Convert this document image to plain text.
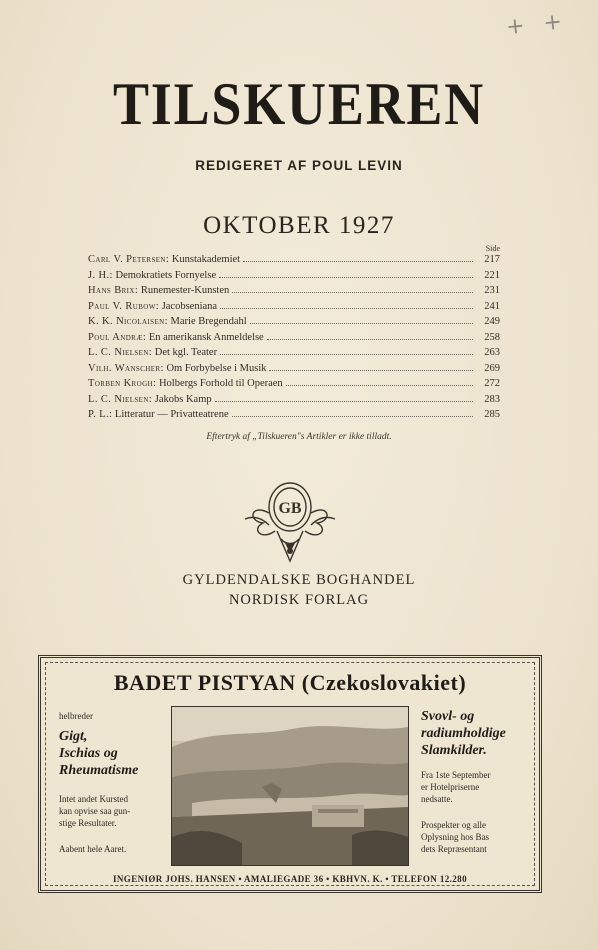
+ +
TILSKUEREN
REDIGERET AF POUL LEVIN
OKTOBER 1927
Side
Carl V. Petersen:
Kunstakademiet	217
J. H.:
Demokratiets Fornyelse	221
Hans Brix:
Runemester-Kunsten	231
Paul V. Rubow:
Jacobseniana	241
K. K. Nicolaisen:
Marie Bregendahl	249
Poul Andræ:
En amerikansk Anmeldelse	258
L. C. Nielsen:
Det kgl. Teater	263
Vilh. Wanscher:
Om Forbybelse i Musik	269
Torben Krogh:
Holbergs Forhold til Operaen	272
L. C. Nielsen:
Jakobs Kamp	283
P. L.:
Litteratur — Privatteatrene	285
Eftertryk af „Tilskueren"s Artikler er ikke tilladt.
GB
GYLDENDALSKE BOGHANDEL
NORDISK FORLAG
BADET PISTYAN (Czekoslovakiet)

helbreder

Gigt,

Ischias og

Rheumatisme

Intet andet Kursted

kan opvise saa gun-

stige Resultater.

Aabent hele Aaret.

Svovl- og

radiumholdige

Slamkilder.

Fra 1ste September

er Hotelpriserne

nedsatte.

Prospekter og alle

Oplysning hos Bas

dets Repræsentant

INGENIØR JOHS. HANSEN • AMALIEGADE 36 • KBHVN. K. • TELEFON 12.280
